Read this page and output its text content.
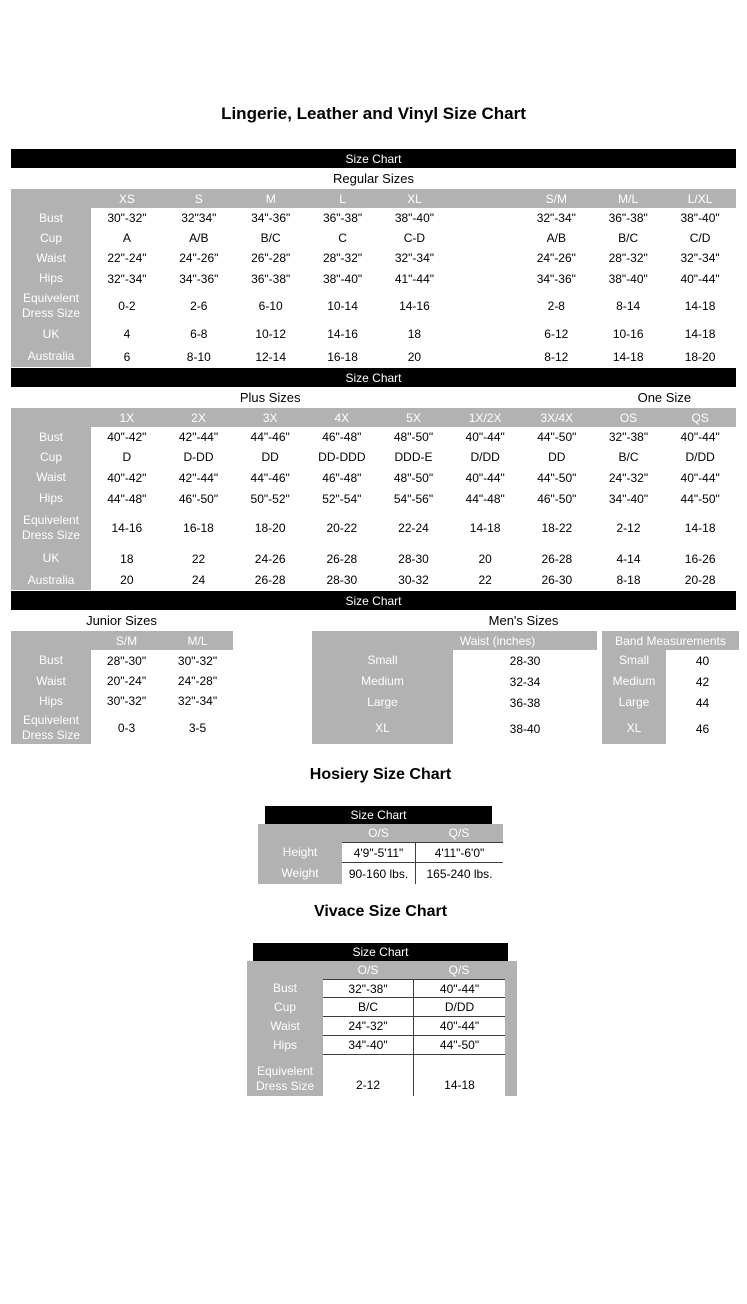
Lingerie, Leather and Vinyl Size Chart
Size Chart
Regular Sizes
XS	S	M	L	XL	S/M	M/L	L/XL
Bust	30"-32"	32"34"	34"-36"	36"-38"	38"-40"	32"-34"	36"-38"	38"-40"
Cup	A	A/B	B/C	C	C-D	A/B	B/C	C/D
Waist	22"-24"	24"-26"	26"-28"	28"-32"	32"-34"	24"-26"	28"-32"	32"-34"
Hips	32"-34"	34"-36"	36"-38"	38"-40"	41"-44"	34"-36"	38"-40"	40"-44"
Equivelent Dress Size	0-2	2-6	6-10	10-14	14-16	2-8	8-14	14-18
UK	4	6-8	10-12	14-16	18	6-12	10-16	14-18
Australia	6	8-10	12-14	16-18	20	8-12	14-18	18-20
Size Chart
Plus Sizes	One Size
1X	2X	3X	4X	5X	1X/2X	3X/4X	OS	QS
Bust	40"-42"	42"-44"	44"-46"	46"-48"	48"-50"	40"-44"	44"-50"	32"-38"	40"-44"
Cup	D	D-DD	DD	DD-DDD	DDD-E	D/DD	DD	B/C	D/DD
Waist	40"-42"	42"-44"	44"-46"	46"-48"	48"-50"	40"-44"	44"-50"	24"-32"	40"-44"
Hips	44"-48"	46"-50"	50"-52"	52"-54"	54"-56"	44"-48"	46"-50"	34"-40"	44"-50"
Equivelent Dress Size	14-16	16-18	18-20	20-22	22-24	14-18	18-22	2-12	14-18
UK	18	22	24-26	26-28	28-30	20	26-28	4-14	16-26
Australia	20	24	26-28	28-30	30-32	22	26-30	8-18	20-28
Size Chart
Junior Sizes	Men's Sizes
S/M	M/L
Bust	28"-30"	30"-32"
Waist	20"-24"	24"-28"
Hips	30"-32"	32"-34"
Equivelent Dress Size	0-3	3-5
Waist (inches)
Small	28-30
Medium	32-34
Large	36-38
XL	38-40
Band Measurements
Small	40
Medium	42
Large	44
XL	46
Hosiery Size Chart
Size Chart
O/S	Q/S
Height	4'9"-5'11"	4'11"-6'0"
Weight	90-160 lbs.	165-240 lbs.
Vivace Size Chart
Size Chart
O/S	Q/S
Bust	32"-38"	40"-44"
Cup	B/C	D/DD
Waist	24"-32"	40"-44"
Hips	34"-40"	44"-50"
Equivelent Dress Size	2-12	14-18
